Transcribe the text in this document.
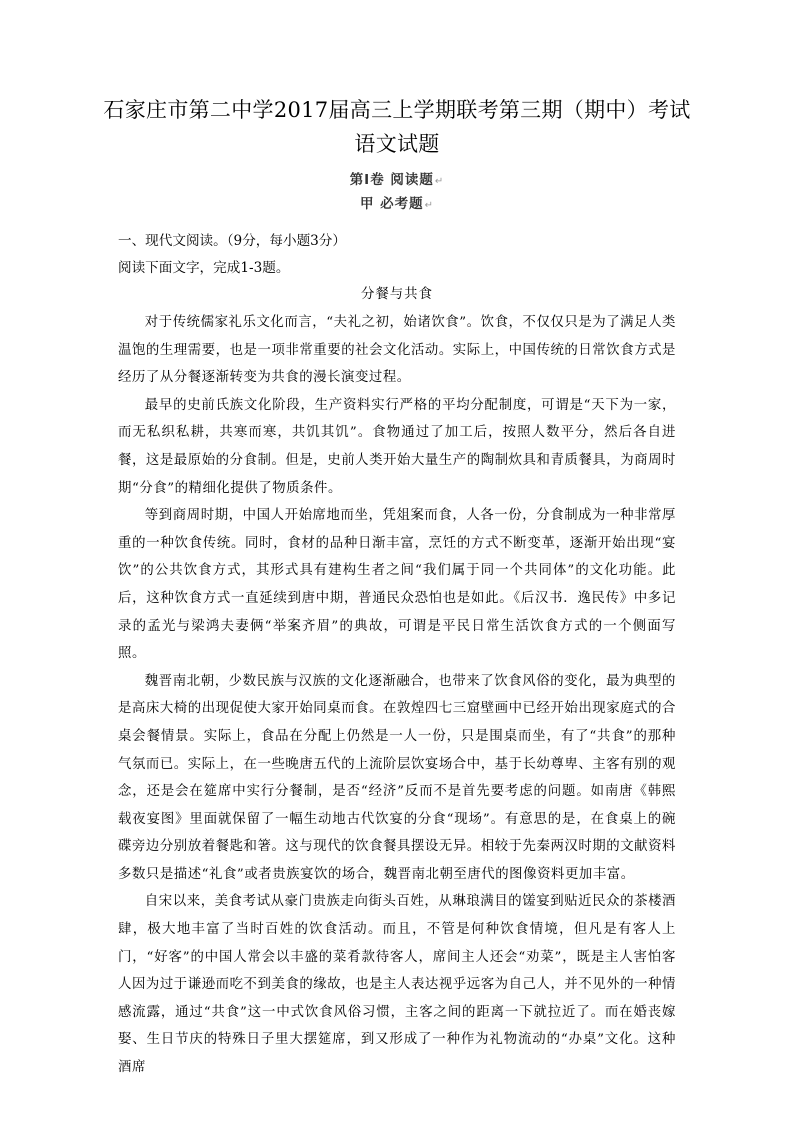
石家庄市第二中学2017届高三上学期联考第三期（期中）考试
语文试题
第Ⅰ卷 阅读题↵
甲 必考题↵
一、现代文阅读。（9分，每小题3分）
阅读下面文字，完成1-3题。
分餐与共食

对于传统儒家礼乐文化而言，“夫礼之初，始诸饮食”。饮食，不仅仅只是为了满足人类温饱的生理需要，也是一项非常重要的社会文化活动。实际上，中国传统的日常饮食方式是经历了从分餐逐渐转变为共食的漫长演变过程。

最早的史前氏族文化阶段，生产资料实行严格的平均分配制度，可谓是“天下为一家，而无私织私耕，共寒而寒，共饥其饥”。食物通过了加工后，按照人数平分，然后各自进餐，这是最原始的分食制。但是，史前人类开始大量生产的陶制炊具和青质餐具，为商周时期“分食”的精细化提供了物质条件。

等到商周时期，中国人开始席地而坐，凭俎案而食，人各一份，分食制成为一种非常厚重的一种饮食传统。同时，食材的品种日渐丰富，烹饪的方式不断变革，逐渐开始出现“宴饮”的公共饮食方式，其形式具有建构生者之间“我们属于同一个共同体”的文化功能。此后，这种饮食方式一直延续到唐中期，普通民众恐怕也是如此。《后汉书．逸民传》中多记录的孟光与梁鸿夫妻俩“举案齐眉”的典故，可谓是平民日常生活饮食方式的一个侧面写照。

魏晋南北朝，少数民族与汉族的文化逐渐融合，也带来了饮食风俗的变化，最为典型的是高床大椅的出现促使大家开始同桌而食。在敦煌四七三窟壁画中已经开始出现家庭式的合桌会餐情景。实际上，食品在分配上仍然是一人一份，只是围桌而坐，有了“共食”的那种气氛而已。实际上，在一些晚唐五代的上流阶层饮宴场合中，基于长幼尊卑、主客有别的观念，还是会在筵席中实行分餐制，是否“经济”反而不是首先要考虑的问题。如南唐《韩熙载夜宴图》里面就保留了一幅生动地古代饮宴的分食“现场”。有意思的是，在食桌上的碗碟旁边分别放着餐匙和箸。这与现代的饮食餐具摆设无异。相较于先秦两汉时期的文献资料多数只是描述“礼食”或者贵族宴饮的场合，魏晋南北朝至唐代的图像资料更加丰富。

自宋以来，美食考试从豪门贵族走向街头百姓，从琳琅满目的馐宴到贴近民众的茶楼酒肆，极大地丰富了当时百姓的饮食活动。而且，不管是何种饮食情境，但凡是有客人上门，“好客”的中国人常会以丰盛的菜肴款待客人，席间主人还会“劝菜”，既是主人害怕客人因为过于谦逊而吃不到美食的缘故，也是主人表达视乎远客为自己人，并不见外的一种情感流露，通过“共食”这一中式饮食风俗习惯，主客之间的距离一下就拉近了。而在婚丧嫁娶、生日节庆的特殊日子里大摆筵席，到又形成了一种作为礼物流动的“办桌”文化。这种酒席
